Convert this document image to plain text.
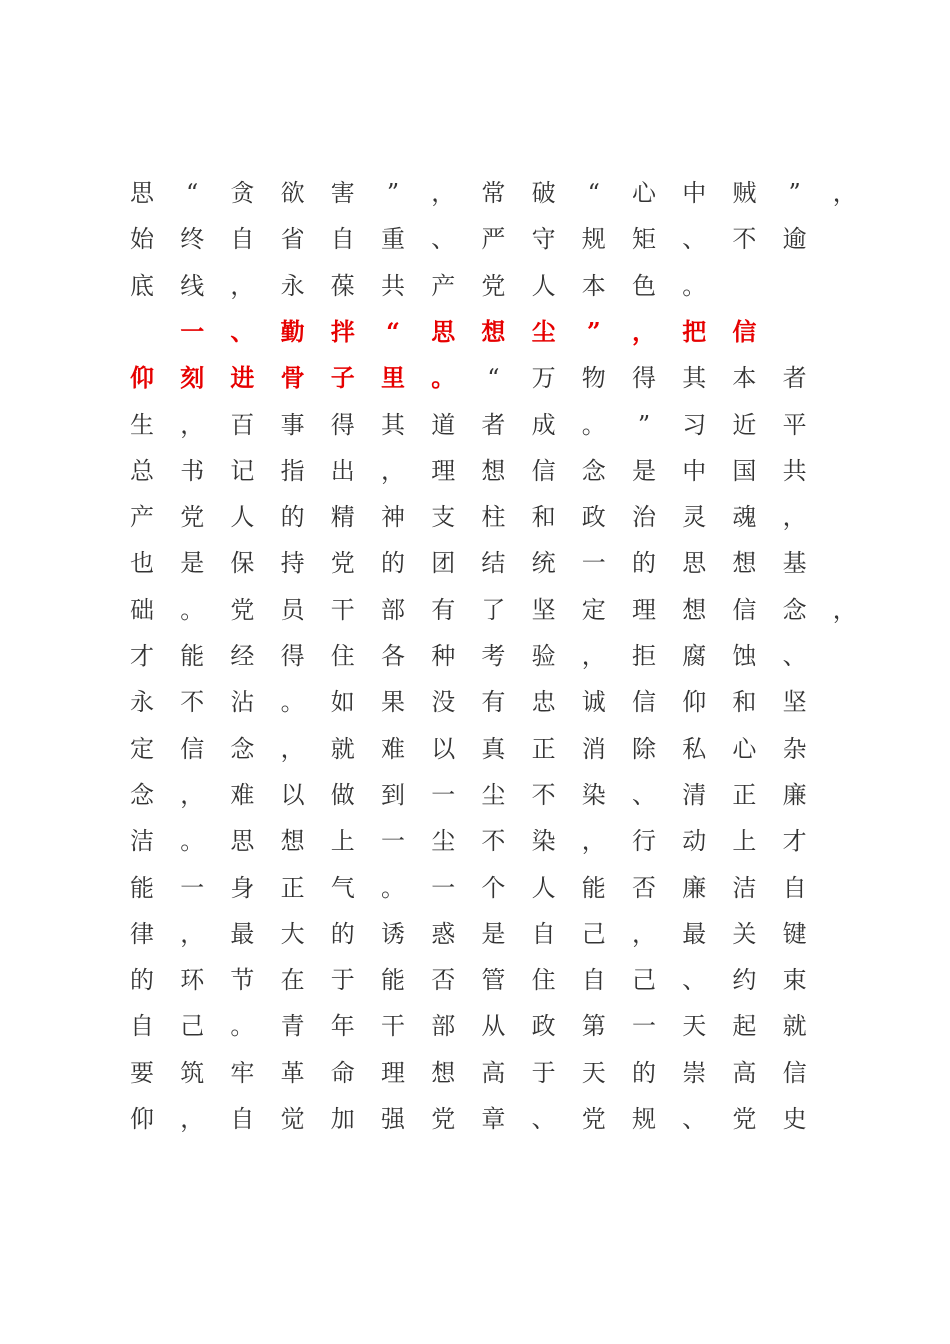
思	“	贪 欲 害	”	， 常 破	“	心 中 贼	”	，
始 终 自 省 自 重 、 严 守 规 矩 、 不 逾
底 线 ， 永 葆 共 产 党 人 本 色 。
一 、 勤 拌	“	思 想 尘	”	， 把 信
仰 刻 进 骨 子 里 。	“	万 物 得 其 本 者
生 ， 百 事 得 其 道 者 成 。	”	习 近 平
总 书 记 指 出 ， 理 想 信 念 是 中 国 共
产 党 人 的 精 神 支 柱 和 政 治 灵 魂 ，
也 是 保 持 党 的 团 结 统 一 的 思 想 基
础 。 党 员 干 部 有 了 坚 定 理 想 信 念 ，
才 能 经 得 住 各 种 考 验 ， 拒 腐 蚀 、
永 不 沾 。 如 果 没 有 忠 诚 信 仰 和 坚
定 信 念 ， 就 难 以 真 正 消 除 私 心 杂
念 ， 难 以 做 到 一 尘 不 染 、 清 正 廉
洁 。 思 想 上 一 尘 不 染 ， 行 动 上 才
能 一 身 正 气 。 一 个 人 能 否 廉 洁 自
律 ， 最 大 的 诱 惑 是 自 己 ， 最 关 键
的 环 节 在 于 能 否 管 住 自 己 、 约 束
自 己 。 青 年 干 部 从 政 第 一 天 起 就
要 筑 牢 革 命 理 想 高 于 天 的 崇 高 信
仰 ， 自 觉 加 强 党 章 、 党 规 、 党 史
